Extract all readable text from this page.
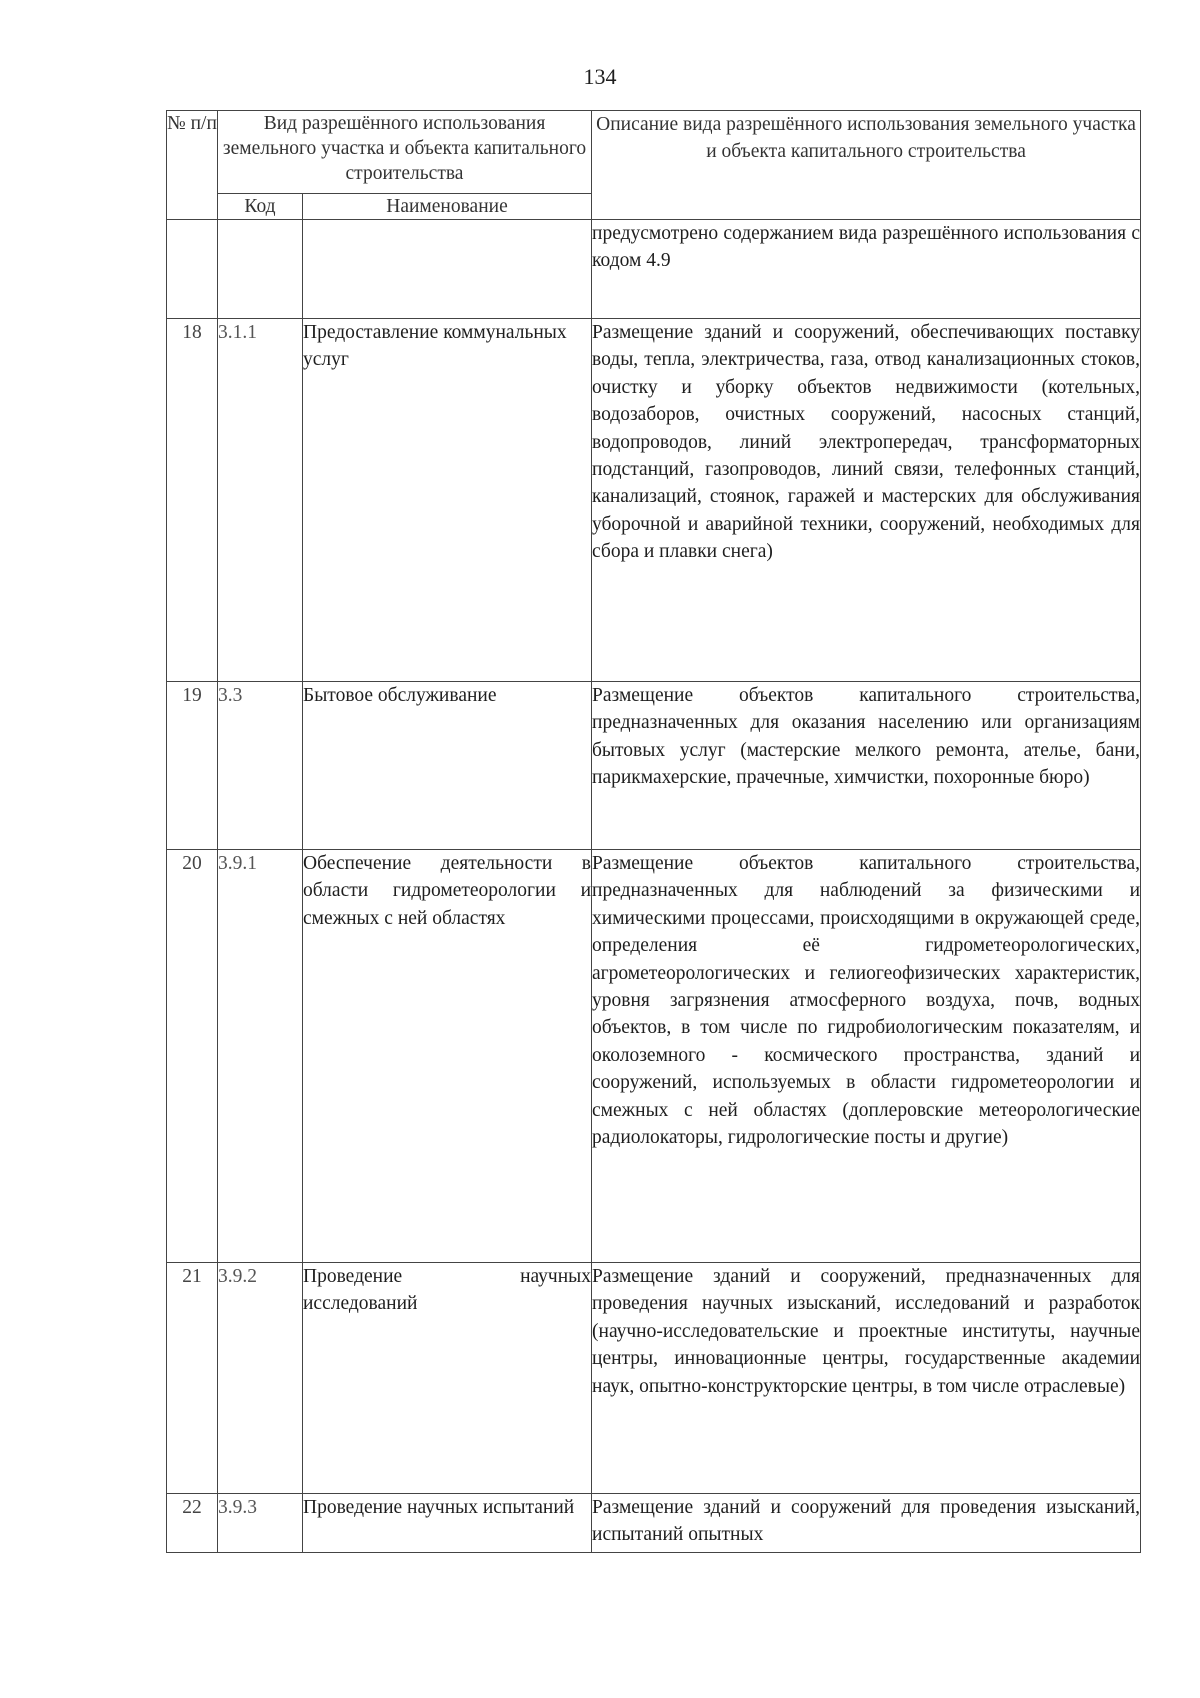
134
№ п/п	Вид разрешённого использования земельного участка и объекта капитального строительства		Описание вида разрешённого использования земельного участка и объекта капитального строительства
	Код	Наименование	
			предусмотрено содержанием вида разрешённого использования с кодом 4.9
18	3.1.1	Предоставление коммунальных услуг	Размещение зданий и сооружений, обеспечивающих поставку воды, тепла, электричества, газа, отвод канализационных стоков, очистку и уборку объектов недвижимости (котельных, водозаборов, очистных сооружений, насосных станций, водопроводов, линий электропередач, трансформаторных подстанций, газопроводов, линий связи, телефонных станций, канализаций, стоянок, гаражей и мастерских для обслуживания уборочной и аварийной техники, сооружений, необходимых для сбора и плавки снега)
19	3.3	Бытовое обслуживание	Размещение объектов капитального строительства, предназначенных для оказания населению или организациям бытовых услуг (мастерские мелкого ремонта, ателье, бани, парикмахерские, прачечные, химчистки, похоронные бюро)
20	3.9.1	Обеспечение деятельности в области гидрометеорологии и смежных с ней областях	Размещение объектов капитального строительства, предназначенных для наблюдений за физическими и химическими процессами, происходящими в окружающей среде, определения её гидрометеорологических, агрометеорологических и гелиогеофизических характеристик, уровня загрязнения атмосферного воздуха, почв, водных объектов, в том числе по гидробиологическим показателям, и околоземного - космического пространства, зданий и сооружений, используемых в области гидрометеорологии и смежных с ней областях (доплеровские метеорологические радиолокаторы, гидрологические посты и другие)
21	3.9.2	Проведение научных исследований	Размещение зданий и сооружений, предназначенных для проведения научных изысканий, исследований и разработок (научно-исследовательские и проектные институты, научные центры, инновационные центры, государственные академии наук, опытно-конструкторские центры, в том числе отраслевые)
22	3.9.3	Проведение научных испытаний	Размещение зданий и сооружений для проведения изысканий, испытаний опытных
